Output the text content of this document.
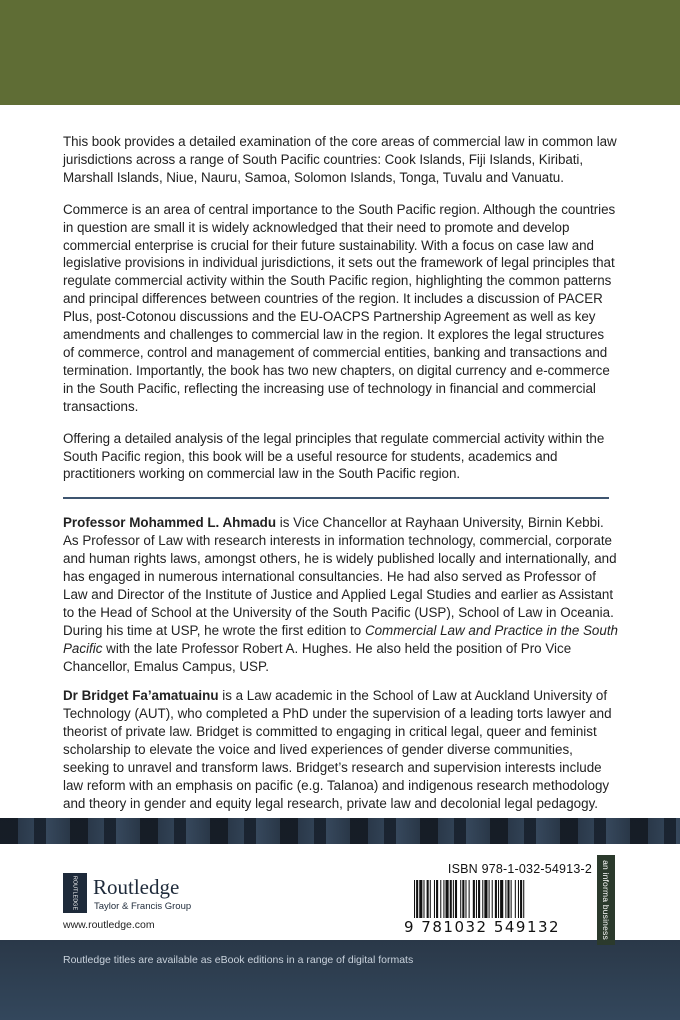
This book provides a detailed examination of the core areas of commercial law in common law jurisdictions across a range of South Pacific countries: Cook Islands, Fiji Islands, Kiribati, Marshall Islands, Niue, Nauru, Samoa, Solomon Islands, Tonga, Tuvalu and Vanuatu.

Commerce is an area of central importance to the South Pacific region. Although the countries in question are small it is widely acknowledged that their need to promote and develop commercial enterprise is crucial for their future sustainability. With a focus on case law and legislative provisions in individual jurisdictions, it sets out the framework of legal principles that regulate commercial activity within the South Pacific region, highlighting the common patterns and principal differences between countries of the region. It includes a discussion of PACER Plus, post-Cotonou discussions and the EU-OACPS Partnership Agreement as well as key amendments and challenges to commercial law in the region. It explores the legal structures of commerce, control and management of commercial entities, banking and transactions and termination. Importantly, the book has two new chapters, on digital currency and e-commerce in the South Pacific, reflecting the increasing use of technology in financial and commercial transactions.

Offering a detailed analysis of the legal principles that regulate commercial activity within the South Pacific region, this book will be a useful resource for students, academics and practitioners working on commercial law in the South Pacific region.

Professor Mohammed L. Ahmadu is Vice Chancellor at Rayhaan University, Birnin Kebbi. As Professor of Law with research interests in information technology, commercial, corporate and human rights laws, amongst others, he is widely published locally and internationally, and has engaged in numerous international consultancies. He had also served as Professor of Law and Director of the Institute of Justice and Applied Legal Studies and earlier as Assistant to the Head of School at the University of the South Pacific (USP), School of Law in Oceania. During his time at USP, he wrote the first edition to Commercial Law and Practice in the South Pacific with the late Professor Robert A. Hughes. He also held the position of Pro Vice Chancellor, Emalus Campus, USP.

Dr Bridget Fa’amatuainu is a Law academic in the School of Law at Auckland University of Technology (AUT), who completed a PhD under the supervision of a leading torts lawyer and theorist of private law. Bridget is committed to engaging in critical legal, queer and feminist scholarship to elevate the voice and lived experiences of gender diverse communities, seeking to unravel and transform laws. Bridget’s research and supervision interests include law reform with an emphasis on pacific (e.g. Talanoa) and indigenous research methodology and theory in gender and equity legal research, private law and decolonial legal pedagogy.

ROUTLEDGE Routledge
Taylor & Francis Group
www.routledge.com
ISBN 978-1-032-54913-2
9 781032 549132	an informa business
Routledge titles are available as eBook editions in a range of digital formats
